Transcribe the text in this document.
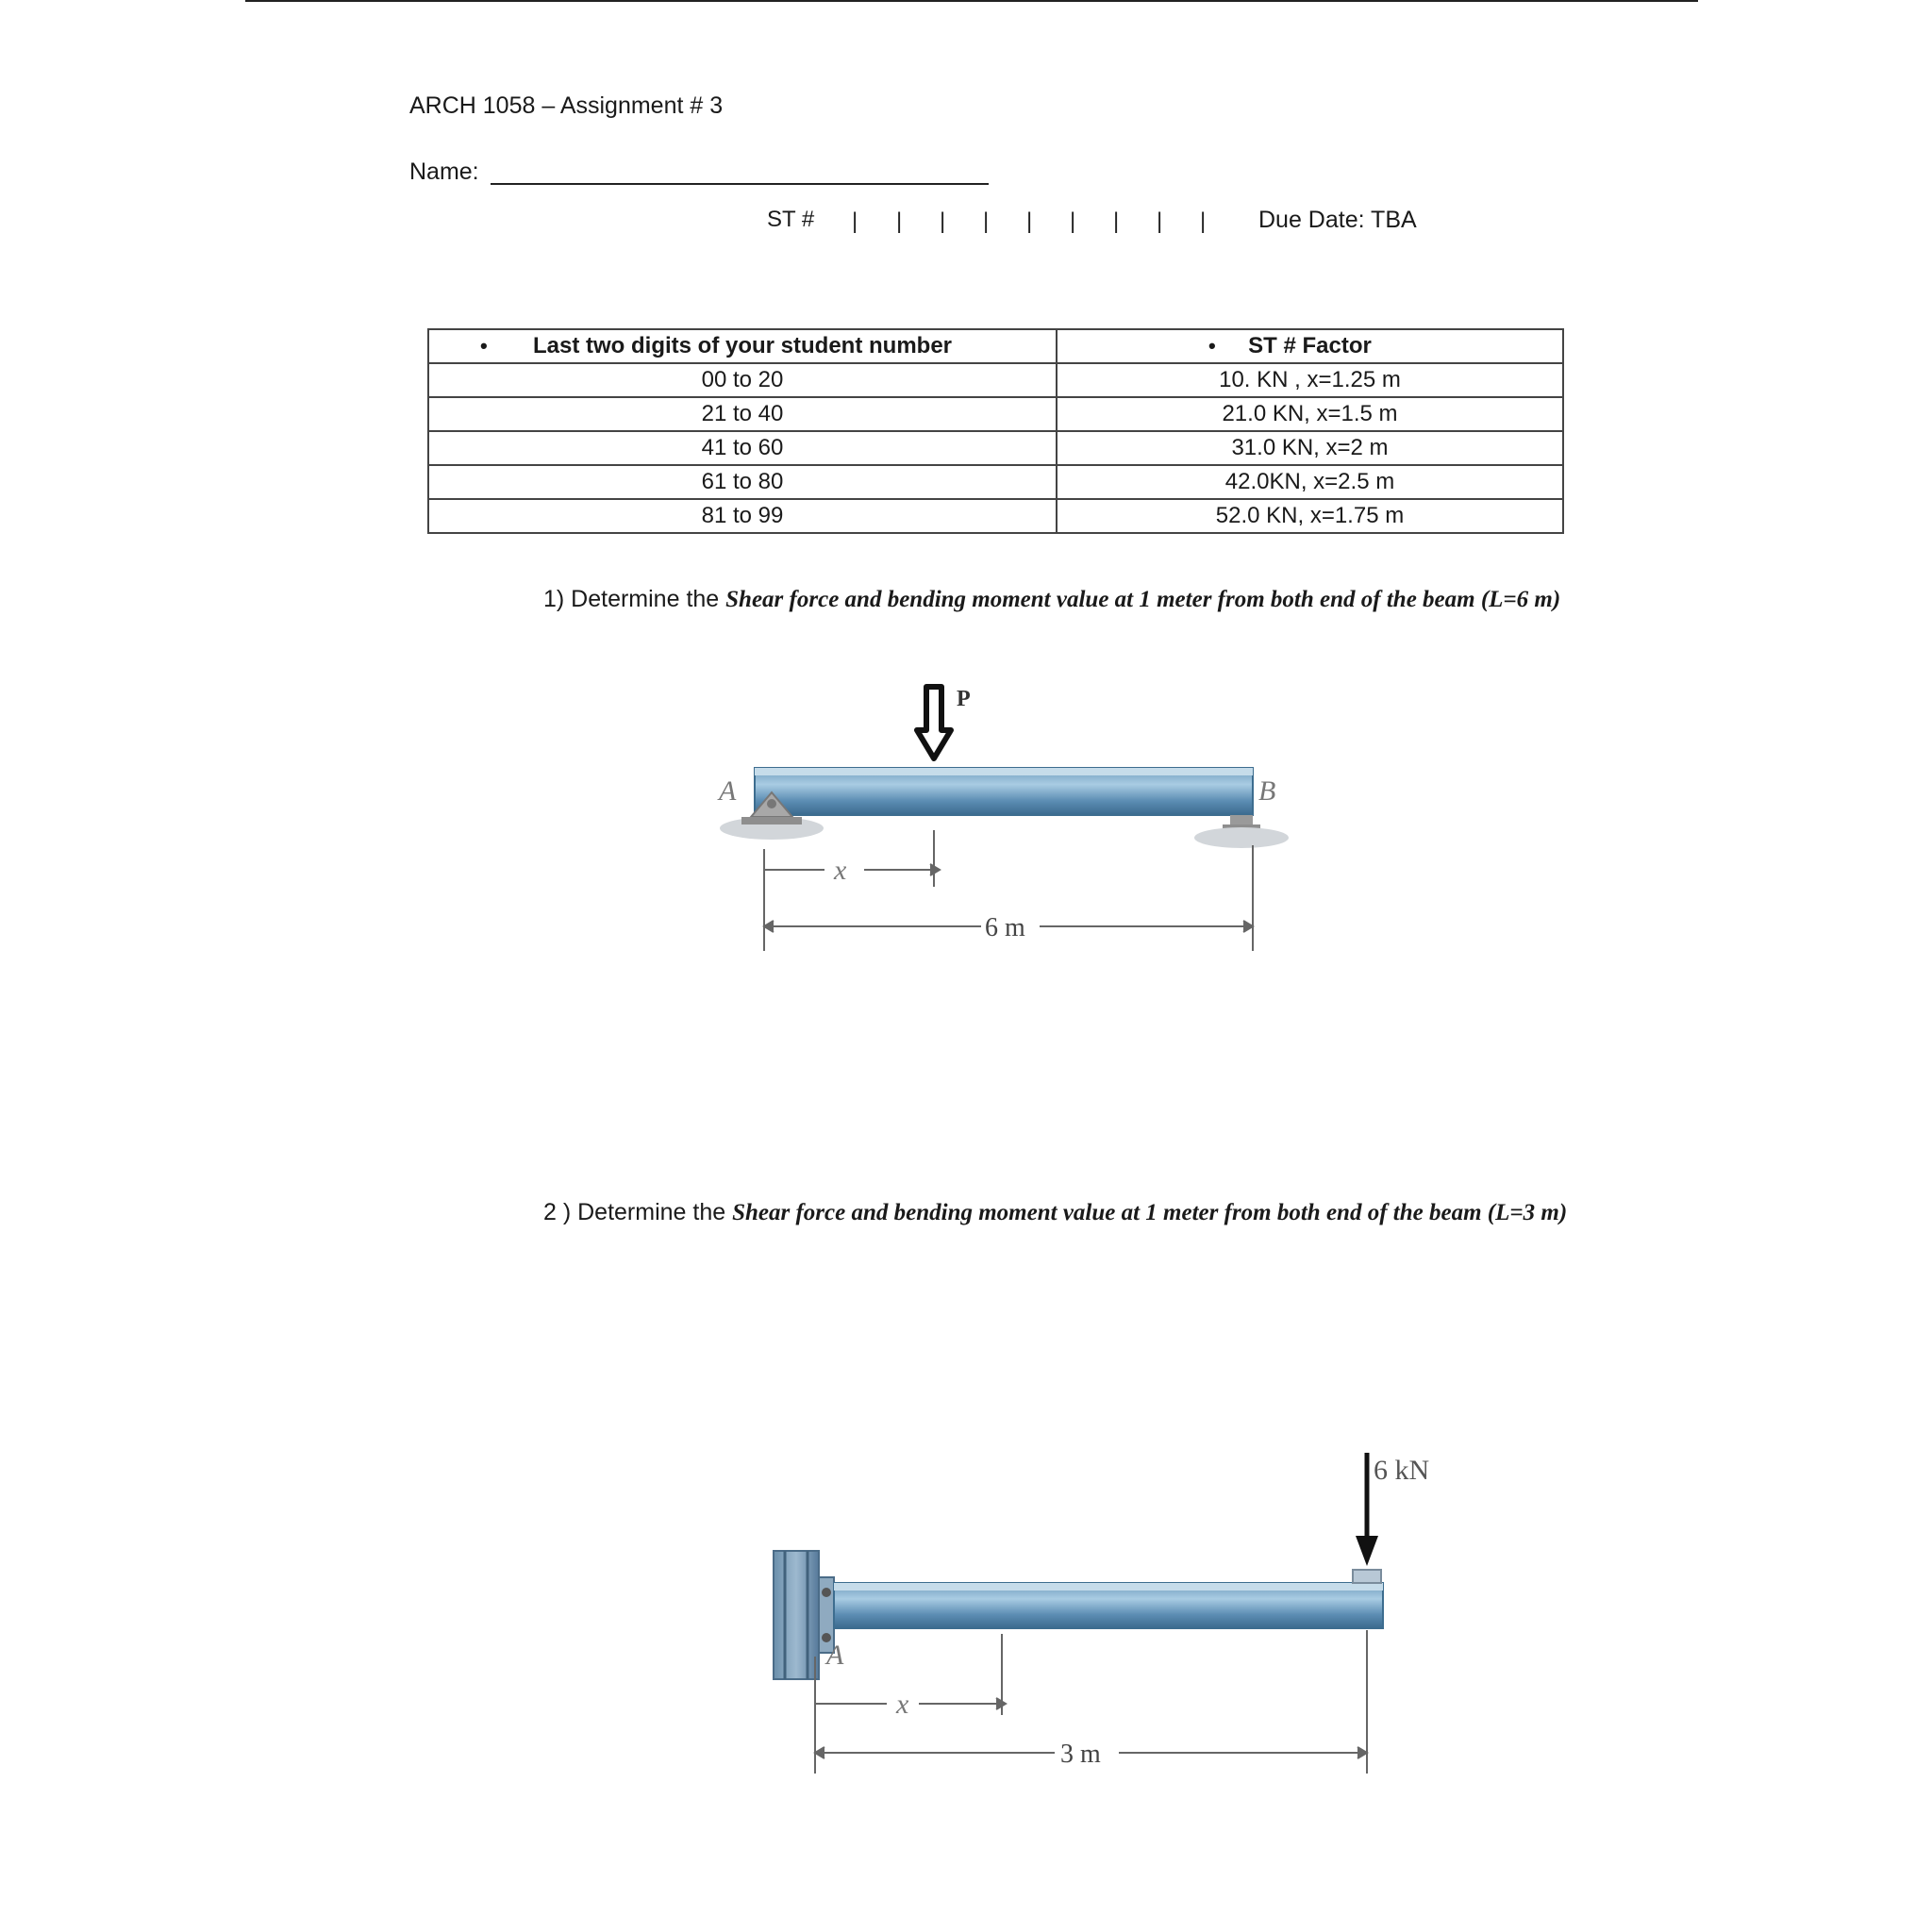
ARCH 1058 – Assignment # 3
Name:
ST # | | | | | | | | | Due Date: TBA
• Last two digits of your student number	• ST # Factor
00 to 20	10. KN , x=1.25 m
21 to 40	21.0 KN, x=1.5 m
41 to 60	31.0 KN, x=2 m
61 to 80	42.0KN, x=2.5 m
81 to 99	52.0 KN, x=1.75 m
1) Determine the Shear force and bending moment value at 1 meter from both end of the beam (L=6 m)
2 ) Determine the Shear force and bending moment value at 1 meter from both end of the beam (L=3 m)
P
A	B
x
6 m
6 kN
A
x
3 m
